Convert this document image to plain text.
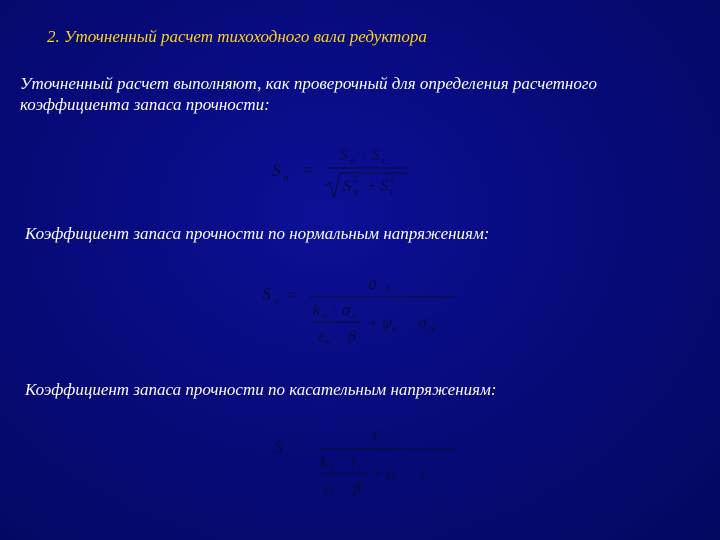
2. Уточненный расчет тихоходного вала редуктора
Уточненный расчет выполняют, как проверочный для определения расчетного
коэффициента запаса прочности:
S п =
S σ · S τ
S 2
σ + S 2
τ
Коэффициент запаса прочности по нормальным напряжениям:
S σ =
σ −1
k σ · σ a
ε σ · β
+ ψ σ · σ ср
Коэффициент запаса прочности по касательным напряжениям:
S τ =
τ −1
k τ · τ a
ε τ · β
+ ψ τ · τ ср
